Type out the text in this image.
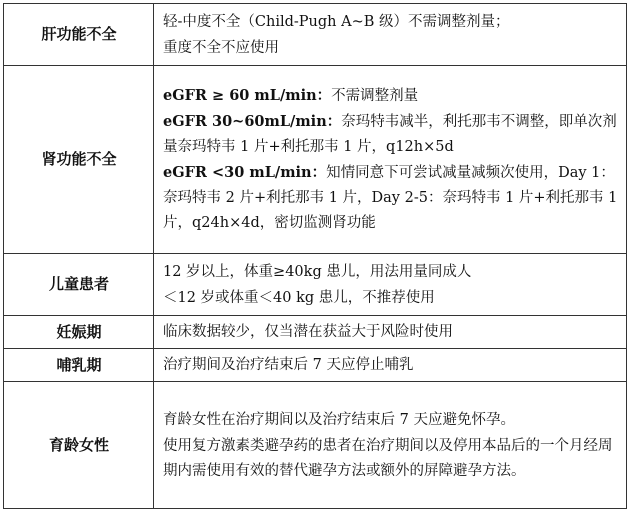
肝功能不全	轻-中度不全（Child-Pugh A~B 级）不需调整剂量；
重度不全不应使用

肾功能不全	eGFR ≥ 60 mL/min：不需调整剂量
eGFR 30~60mL/min：奈玛特韦减半，利托那韦不调整，即单次剂量奈玛特韦 1 片+利托那韦 1 片，q12h×5d
eGFR <30 mL/min：知情同意下可尝试减量减频次使用，Day 1：奈玛特韦 2 片+利托那韦 1 片，Day 2-5：奈玛特韦 1 片+利托那韦 1 片，q24h×4d，密切监测肾功能

儿童患者	12 岁以上，体重≥40kg 患儿，用法用量同成人
＜12 岁或体重＜40 kg 患儿，不推荐使用

妊娠期	临床数据较少，仅当潜在获益大于风险时使用

哺乳期	治疗期间及治疗结束后 7 天应停止哺乳

育龄女性	育龄女性在治疗期间以及治疗结束后 7 天应避免怀孕。
使用复方激素类避孕药的患者在治疗期间以及停用本品后的一个月经周期内需使用有效的替代避孕方法或额外的屏障避孕方法。
